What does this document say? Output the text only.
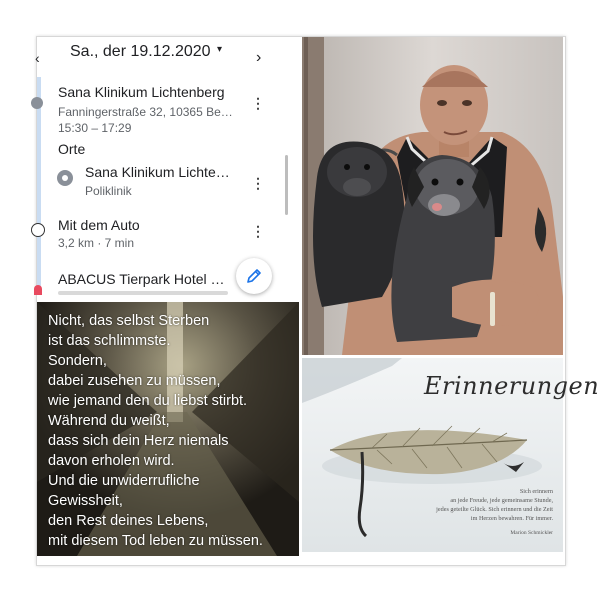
‹ Sa., der 19.12.2020 ▾ ›
Sana Klinikum Lichtenberg
Fanningerstraße 32, 10365 Be…
15:30 – 17:29
⋮
Orte
Sana Klinikum Lichte…
Poliklinik	⋮
Mit dem Auto
3,2 km · 7 min
⋮
ABACUS Tierpark Hotel …
Nicht, das selbst Sterben
ist das schlimmste.
Sondern,
dabei zusehen zu müssen,
wie jemand den du liebst stirbt.
Während du weißt,
dass sich dein Herz niemals
davon erholen wird.
Und die unwiderrufliche
Gewissheit,
den Rest deines Lebens,
mit diesem Tod leben zu müssen.
Erinnerungen
Sich erinnern
an jede Freude, jede gemeinsame Stunde,
jedes geteilte Glück. Sich erinnern und die Zeit
im Herzen bewahren. Für immer.
Marion Schmickler
